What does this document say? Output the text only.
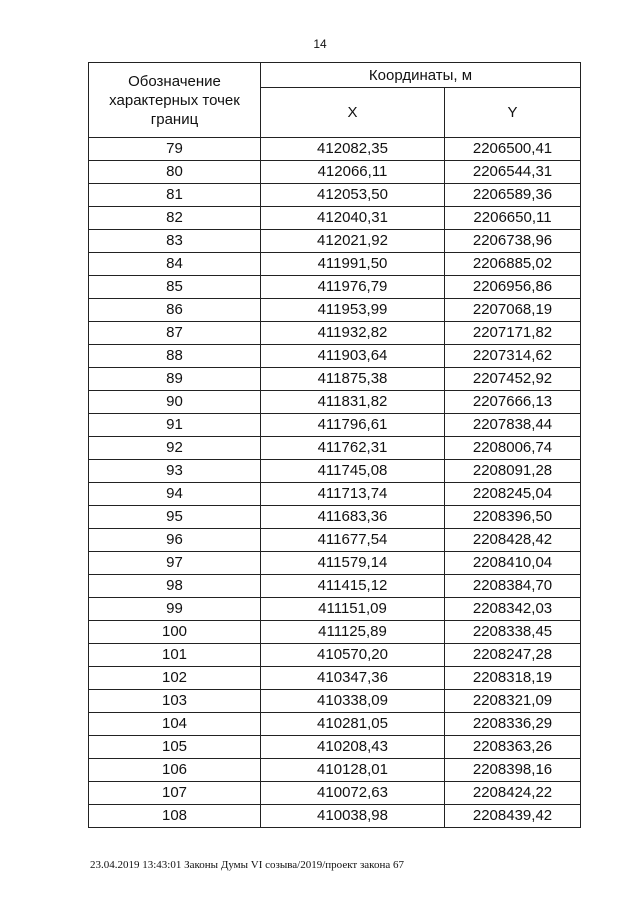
14
Обозначение характерных точек границ	Координаты, м	
	X	Y
79	412082,35	2206500,41
80	412066,11	2206544,31
81	412053,50	2206589,36
82	412040,31	2206650,11
83	412021,92	2206738,96
84	411991,50	2206885,02
85	411976,79	2206956,86
86	411953,99	2207068,19
87	411932,82	2207171,82
88	411903,64	2207314,62
89	411875,38	2207452,92
90	411831,82	2207666,13
91	411796,61	2207838,44
92	411762,31	2208006,74
93	411745,08	2208091,28
94	411713,74	2208245,04
95	411683,36	2208396,50
96	411677,54	2208428,42
97	411579,14	2208410,04
98	411415,12	2208384,70
99	411151,09	2208342,03
100	411125,89	2208338,45
101	410570,20	2208247,28
102	410347,36	2208318,19
103	410338,09	2208321,09
104	410281,05	2208336,29
105	410208,43	2208363,26
106	410128,01	2208398,16
107	410072,63	2208424,22
108	410038,98	2208439,42
23.04.2019 13:43:01 Законы Думы VI созыва/2019/проект закона 67
